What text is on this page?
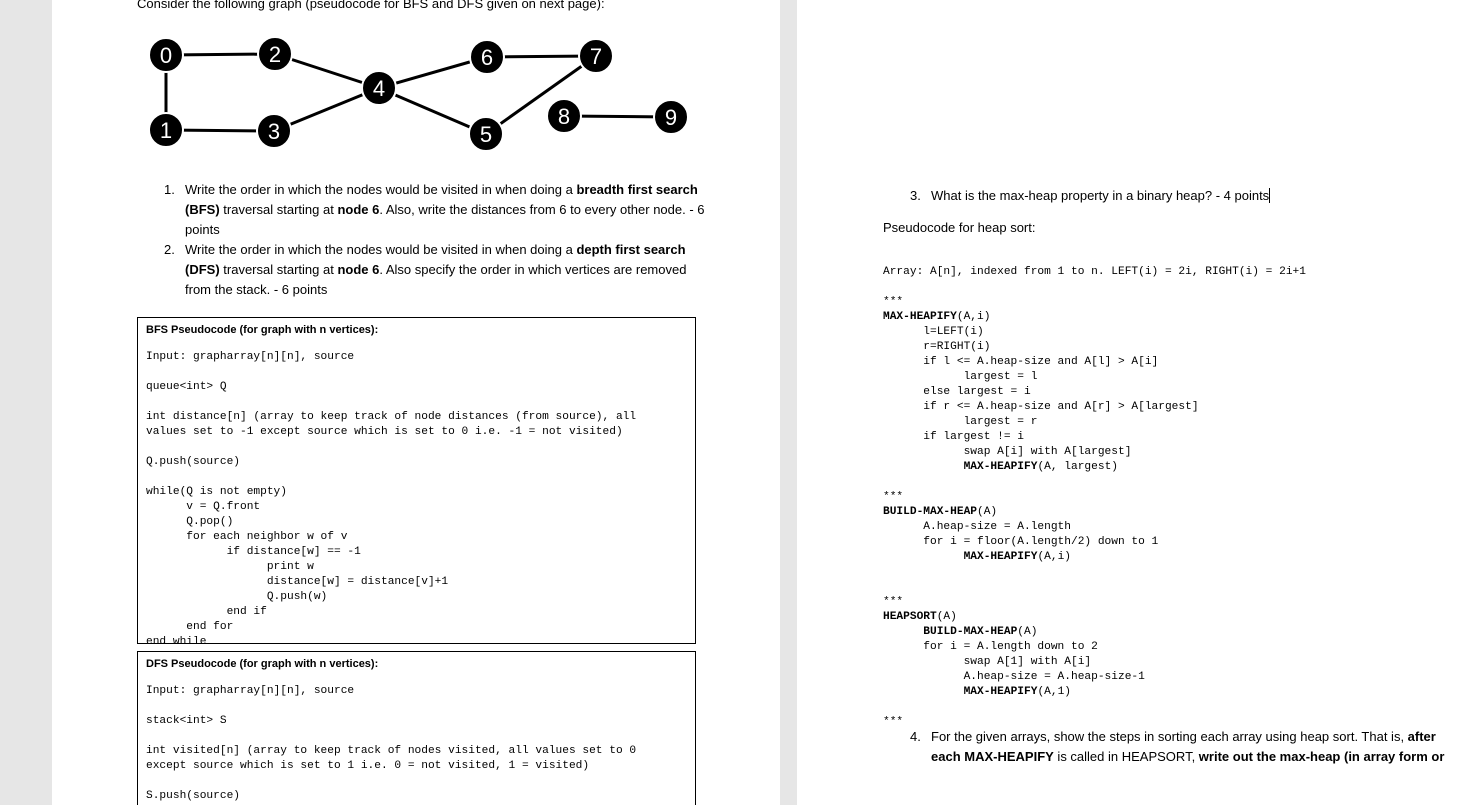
Consider the following graph (pseudocode for BFS and DFS given on next page):
0
1
2
3
4
5
6	7
8	9
1. Write the order in which the nodes would be visited in when doing a breadth first search (BFS) traversal starting at node 6. Also, write the distances from 6 to every other node. - 6 points
2. Write the order in which the nodes would be visited in when doing a depth first search (DFS) traversal starting at node 6. Also specify the order in which vertices are removed from the stack. - 6 points
BFS Pseudocode (for graph with n vertices):
Input: grapharray[n][n], source

queue<int> Q

int distance[n] (array to keep track of node distances (from source), all
values set to -1 except source which is set to 0 i.e. -1 = not visited)

Q.push(source)

while(Q is not empty)
v = Q.front
Q.pop()
for each neighbor w of v
if distance[w] == -1
print w
distance[w] = distance[v]+1
Q.push(w)
end if
end for
end while
DFS Pseudocode (for graph with n vertices):
Input: grapharray[n][n], source

stack<int> S

int visited[n] (array to keep track of nodes visited, all values set to 0
except source which is set to 1 i.e. 0 = not visited, 1 = visited)

S.push(source)
3. What is the max-heap property in a binary heap? - 4 points
Pseudocode for heap sort:
Array: A[n], indexed from 1 to n. LEFT(i) = 2i, RIGHT(i) = 2i+1
***
MAX-HEAPIFY(A,i)
l=LEFT(i)
r=RIGHT(i)
if l <= A.heap-size and A[l] > A[i]
largest = l
else largest = i
if r <= A.heap-size and A[r] > A[largest]
largest = r
if largest != i
swap A[i] with A[largest]
MAX-HEAPIFY(A, largest)

***
BUILD-MAX-HEAP(A)
A.heap-size = A.length
for i = floor(A.length/2) down to 1
MAX-HEAPIFY(A,i)

***
HEAPSORT(A)
BUILD-MAX-HEAP(A)
for i = A.length down to 2
swap A[1] with A[i]
A.heap-size = A.heap-size-1
MAX-HEAPIFY(A,1)

***
4. For the given arrays, show the steps in sorting each array using heap sort. That is, after each MAX-HEAPIFY is called in HEAPSORT, write out the max-heap (in array form or
